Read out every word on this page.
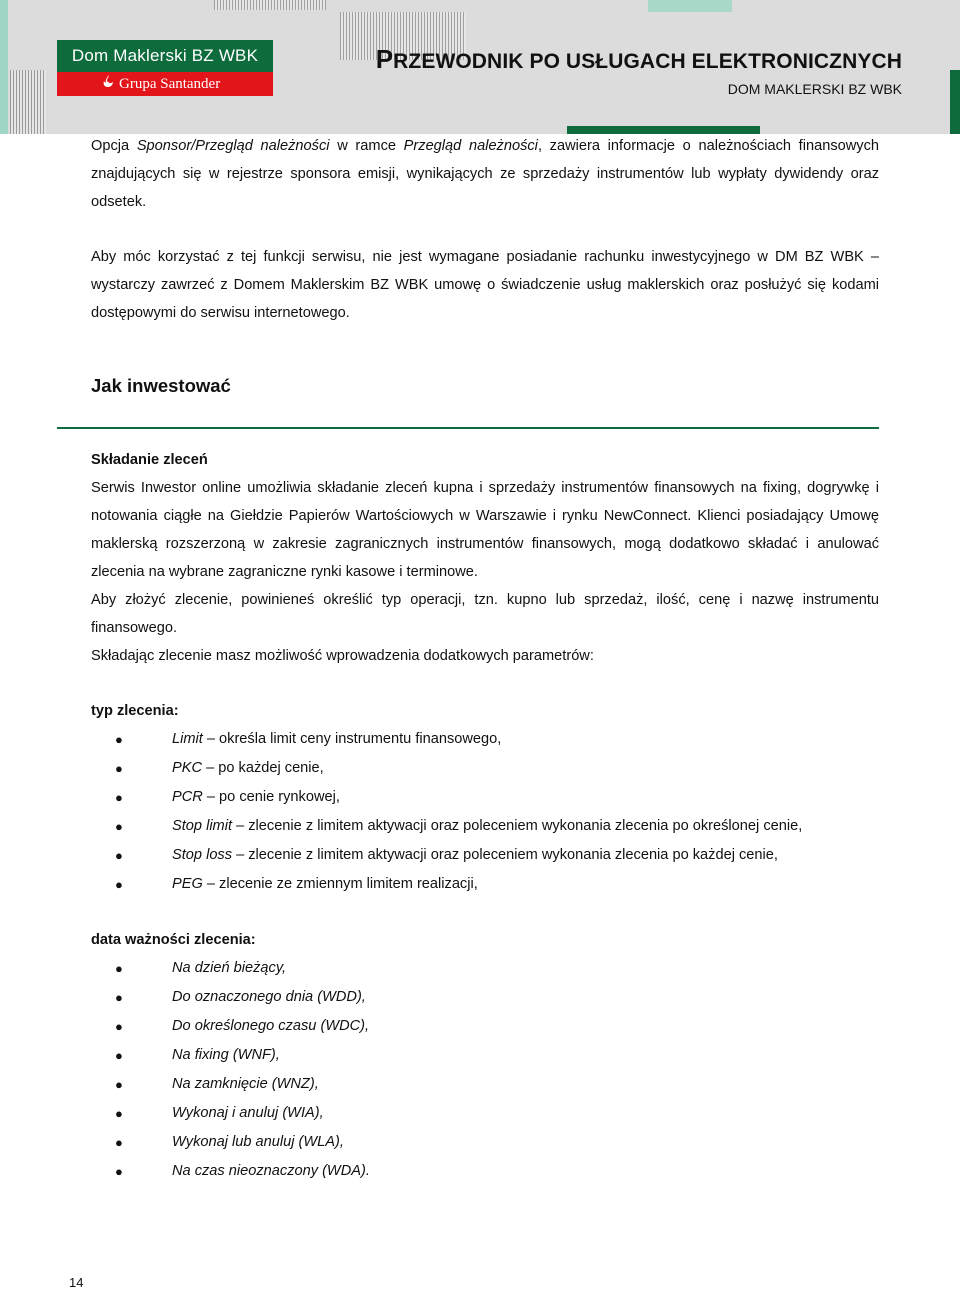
Dom Maklerski BZ WBK
Grupa Santander
PRZEWODNIK PO USŁUGACH ELEKTRONICZNYCH
DOM MAKLERSKI BZ WBK

Opcja Sponsor/Przegląd należności w ramce Przegląd należności, zawiera informacje o należnościach finansowych znajdujących się w rejestrze sponsora emisji, wynikających ze sprzedaży instrumentów lub wypłaty dywidendy oraz odsetek.

Aby móc korzystać z tej funkcji serwisu, nie jest wymagane posiadanie rachunku inwestycyjnego w DM BZ WBK – wystarczy zawrzeć z Domem Maklerskim BZ WBK umowę o świadczenie usług maklerskich oraz posłużyć się kodami dostępowymi do serwisu internetowego.

Jak inwestować
Składanie zleceń

Serwis Inwestor online umożliwia składanie zleceń kupna i sprzedaży instrumentów finansowych na fixing, dogrywkę i notowania ciągłe na Giełdzie Papierów Wartościowych w Warszawie i rynku NewConnect. Klienci posiadający Umowę maklerską rozszerzoną w zakresie zagranicznych instrumentów finansowych, mogą dodatkowo składać i anulować zlecenia na wybrane zagraniczne rynki kasowe i terminowe.

Aby złożyć zlecenie, powinieneś określić typ operacji, tzn. kupno lub sprzedaż, ilość, cenę i nazwę instrumentu finansowego.

Składając zlecenie masz możliwość wprowadzenia dodatkowych parametrów:

typ zlecenia:
●	Limit – określa limit ceny instrumentu finansowego,
●	PKC – po każdej cenie,
●	PCR – po cenie rynkowej,
●	Stop limit – zlecenie z limitem aktywacji oraz poleceniem wykonania zlecenia po określonej cenie,
●	Stop loss – zlecenie z limitem aktywacji oraz poleceniem wykonania zlecenia po każdej cenie,
●	PEG – zlecenie ze zmiennym limitem realizacji,
data ważności zlecenia:
●	Na dzień bieżący,
●	Do oznaczonego dnia (WDD),
●	Do określonego czasu (WDC),
●	Na fixing (WNF),
●	Na zamknięcie (WNZ),
●	Wykonaj i anuluj (WIA),
●	Wykonaj lub anuluj (WLA),
●	Na czas nieoznaczony (WDA).
14
